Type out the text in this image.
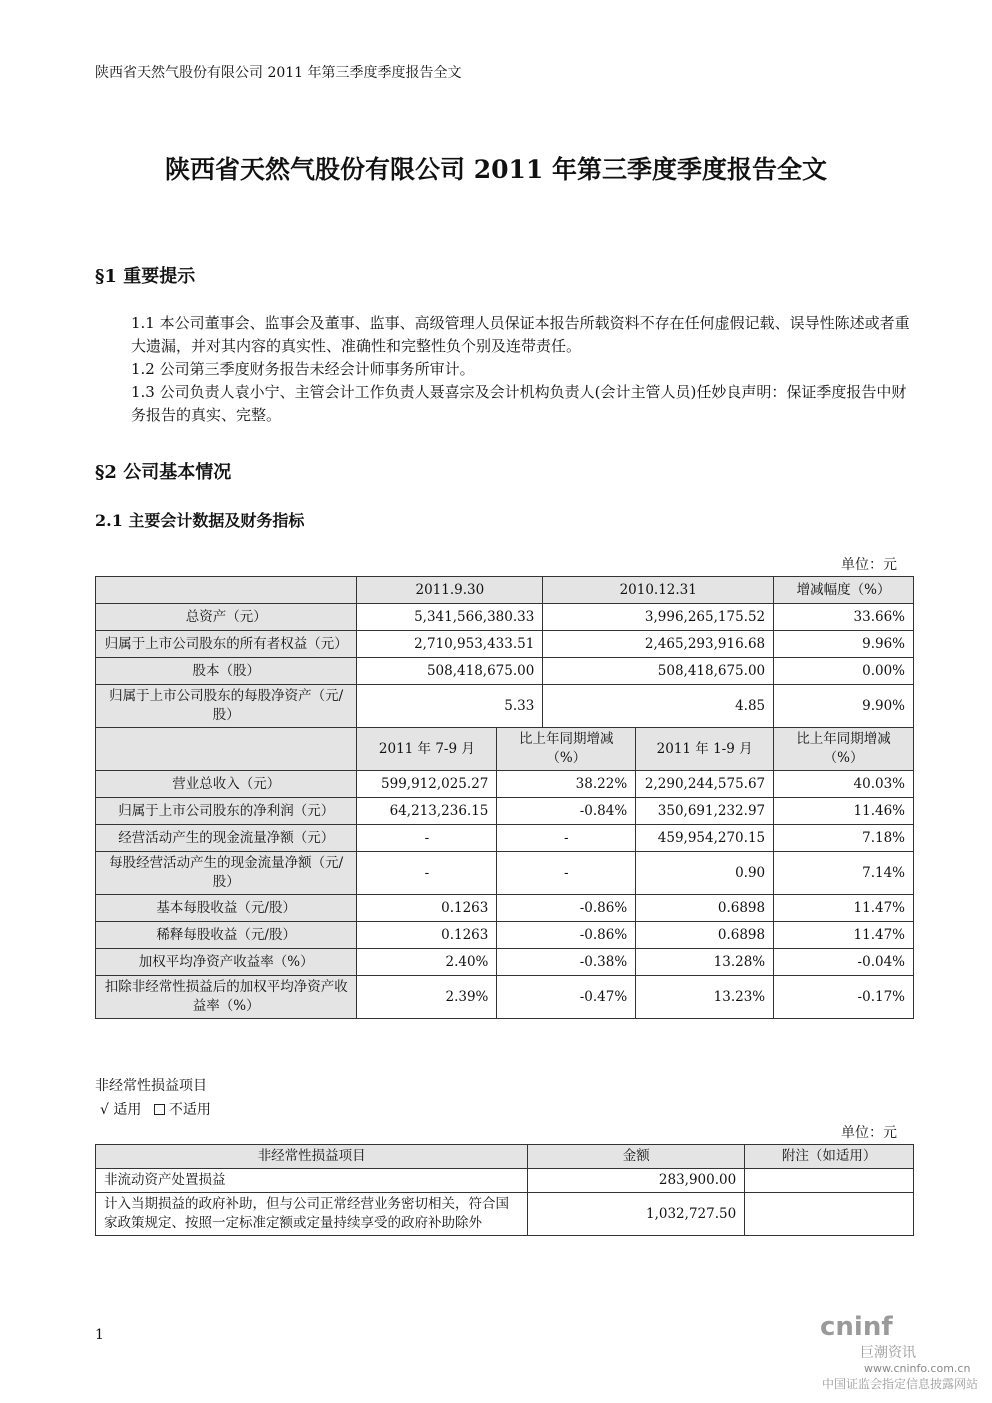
陕西省天然气股份有限公司 2011 年第三季度季度报告全文
陕西省天然气股份有限公司 2011 年第三季度季度报告全文
§1 重要提示
1.1 本公司董事会、监事会及董事、监事、高级管理人员保证本报告所载资料不存在任何虚假记载、误导性陈述或者重大遗漏，并对其内容的真实性、准确性和完整性负个别及连带责任。
1.2 公司第三季度财务报告未经会计师事务所审计。
1.3 公司负责人袁小宁、主管会计工作负责人聂喜宗及会计机构负责人(会计主管人员)任妙良声明：保证季度报告中财务报告的真实、完整。
§2 公司基本情况
2.1 主要会计数据及财务指标
单位：元
	2011.9.30		2010.12.31		增减幅度（%）
总资产（元）	5,341,566,380.33		3,996,265,175.52		33.66%
归属于上市公司股东的所有者权益（元）	2,710,953,433.51		2,465,293,916.68		9.96%
股本（股）	508,418,675.00		508,418,675.00		0.00%
归属于上市公司股东的每股净资产（元/股）	5.33		4.85		9.90%
	2011 年 7-9 月	比上年同期增减（%）		2011 年 1-9 月	比上年同期增减（%）
营业总收入（元）	599,912,025.27	38.22%		2,290,244,575.67	40.03%
归属于上市公司股东的净利润（元）	64,213,236.15	-0.84%		350,691,232.97	11.46%
经营活动产生的现金流量净额（元）	-	-		459,954,270.15	7.18%
每股经营活动产生的现金流量净额（元/股）	-	-		0.90	7.14%
基本每股收益（元/股）	0.1263	-0.86%		0.6898	11.47%
稀释每股收益（元/股）	0.1263	-0.86%		0.6898	11.47%
加权平均净资产收益率（%）	2.40%	-0.38%		13.28%	-0.04%
扣除非经常性损益后的加权平均净资产收益率（%）	2.39%	-0.47%		13.23%	-0.17%
非经常性损益项目
√ 适用 不适用
单位：元
非经常性损益项目	金额	附注（如适用）
非流动资产处置损益	283,900.00	
计入当期损益的政府补助，但与公司正常经营业务密切相关，符合国家政策规定、按照一定标准定额或定量持续享受的政府补助除外	1,032,727.50	
1	cninf
巨潮资讯
www.cninfo.com.cn
中国证监会指定信息披露网站
